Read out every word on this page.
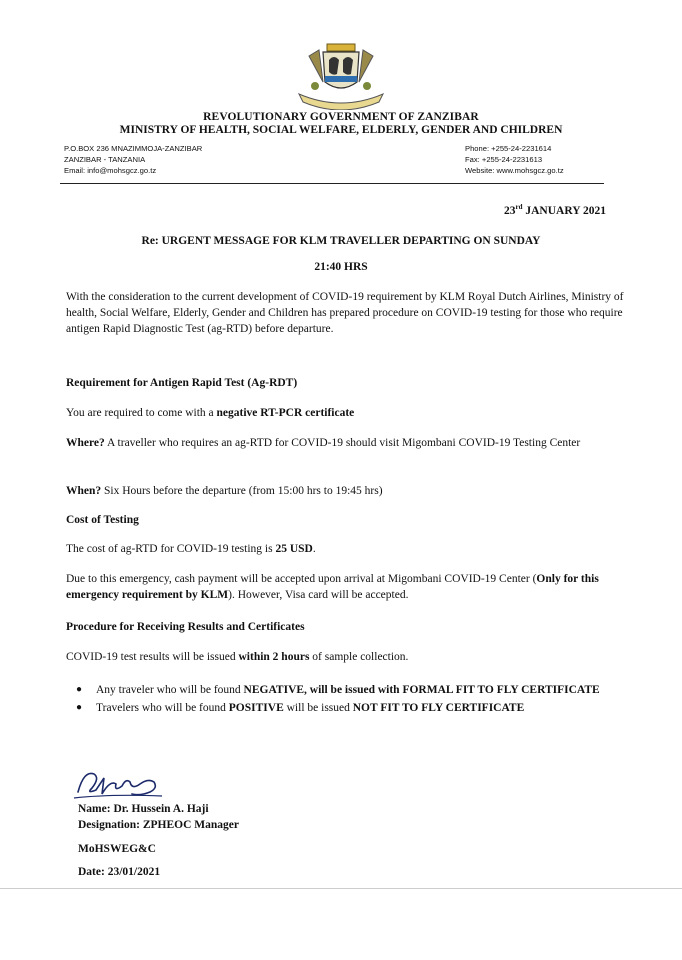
REVOLUTIONARY GOVERNMENT OF ZANZIBAR
MINISTRY OF HEALTH, SOCIAL WELFARE, ELDERLY, GENDER AND CHILDREN
P.O.BOX 236 MNAZIMMOJA-ZANZIBAR
ZANZIBAR - TANZANIA
Email: info@mohsgcz.go.tz
Phone: +255-24-2231614
Fax: +255-24-2231613
Website: www.mohsgcz.go.tz
23rd JANUARY 2021
Re: URGENT MESSAGE FOR KLM TRAVELLER DEPARTING ON SUNDAY
21:40 HRS
With the consideration to the current development of COVID-19 requirement by KLM Royal Dutch Airlines, Ministry of health, Social Welfare, Elderly, Gender and Children has prepared procedure on COVID-19 testing for those who require antigen Rapid Diagnostic Test (ag-RTD) before departure.
Requirement for Antigen Rapid Test (Ag-RDT)
You are required to come with a negative RT-PCR certificate
Where? A traveller who requires an ag-RTD for COVID-19 should visit Migombani COVID-19 Testing Center
When? Six Hours before the departure (from 15:00 hrs to 19:45 hrs)
Cost of Testing
The cost of ag-RTD for COVID-19 testing is 25 USD.
Due to this emergency, cash payment will be accepted upon arrival at Migombani COVID-19 Center (Only for this emergency requirement by KLM). However, Visa card will be accepted.
Procedure for Receiving Results and Certificates
COVID-19 test results will be issued within 2 hours of sample collection.
● Any traveler who will be found NEGATIVE, will be issued with FORMAL FIT TO FLY CERTIFICATE
● Travelers who will be found POSITIVE will be issued NOT FIT TO FLY CERTIFICATE
Name: Dr. Hussein A. Haji
Designation: ZPHEOC Manager
MoHSWEG&C
Date: 23/01/2021
